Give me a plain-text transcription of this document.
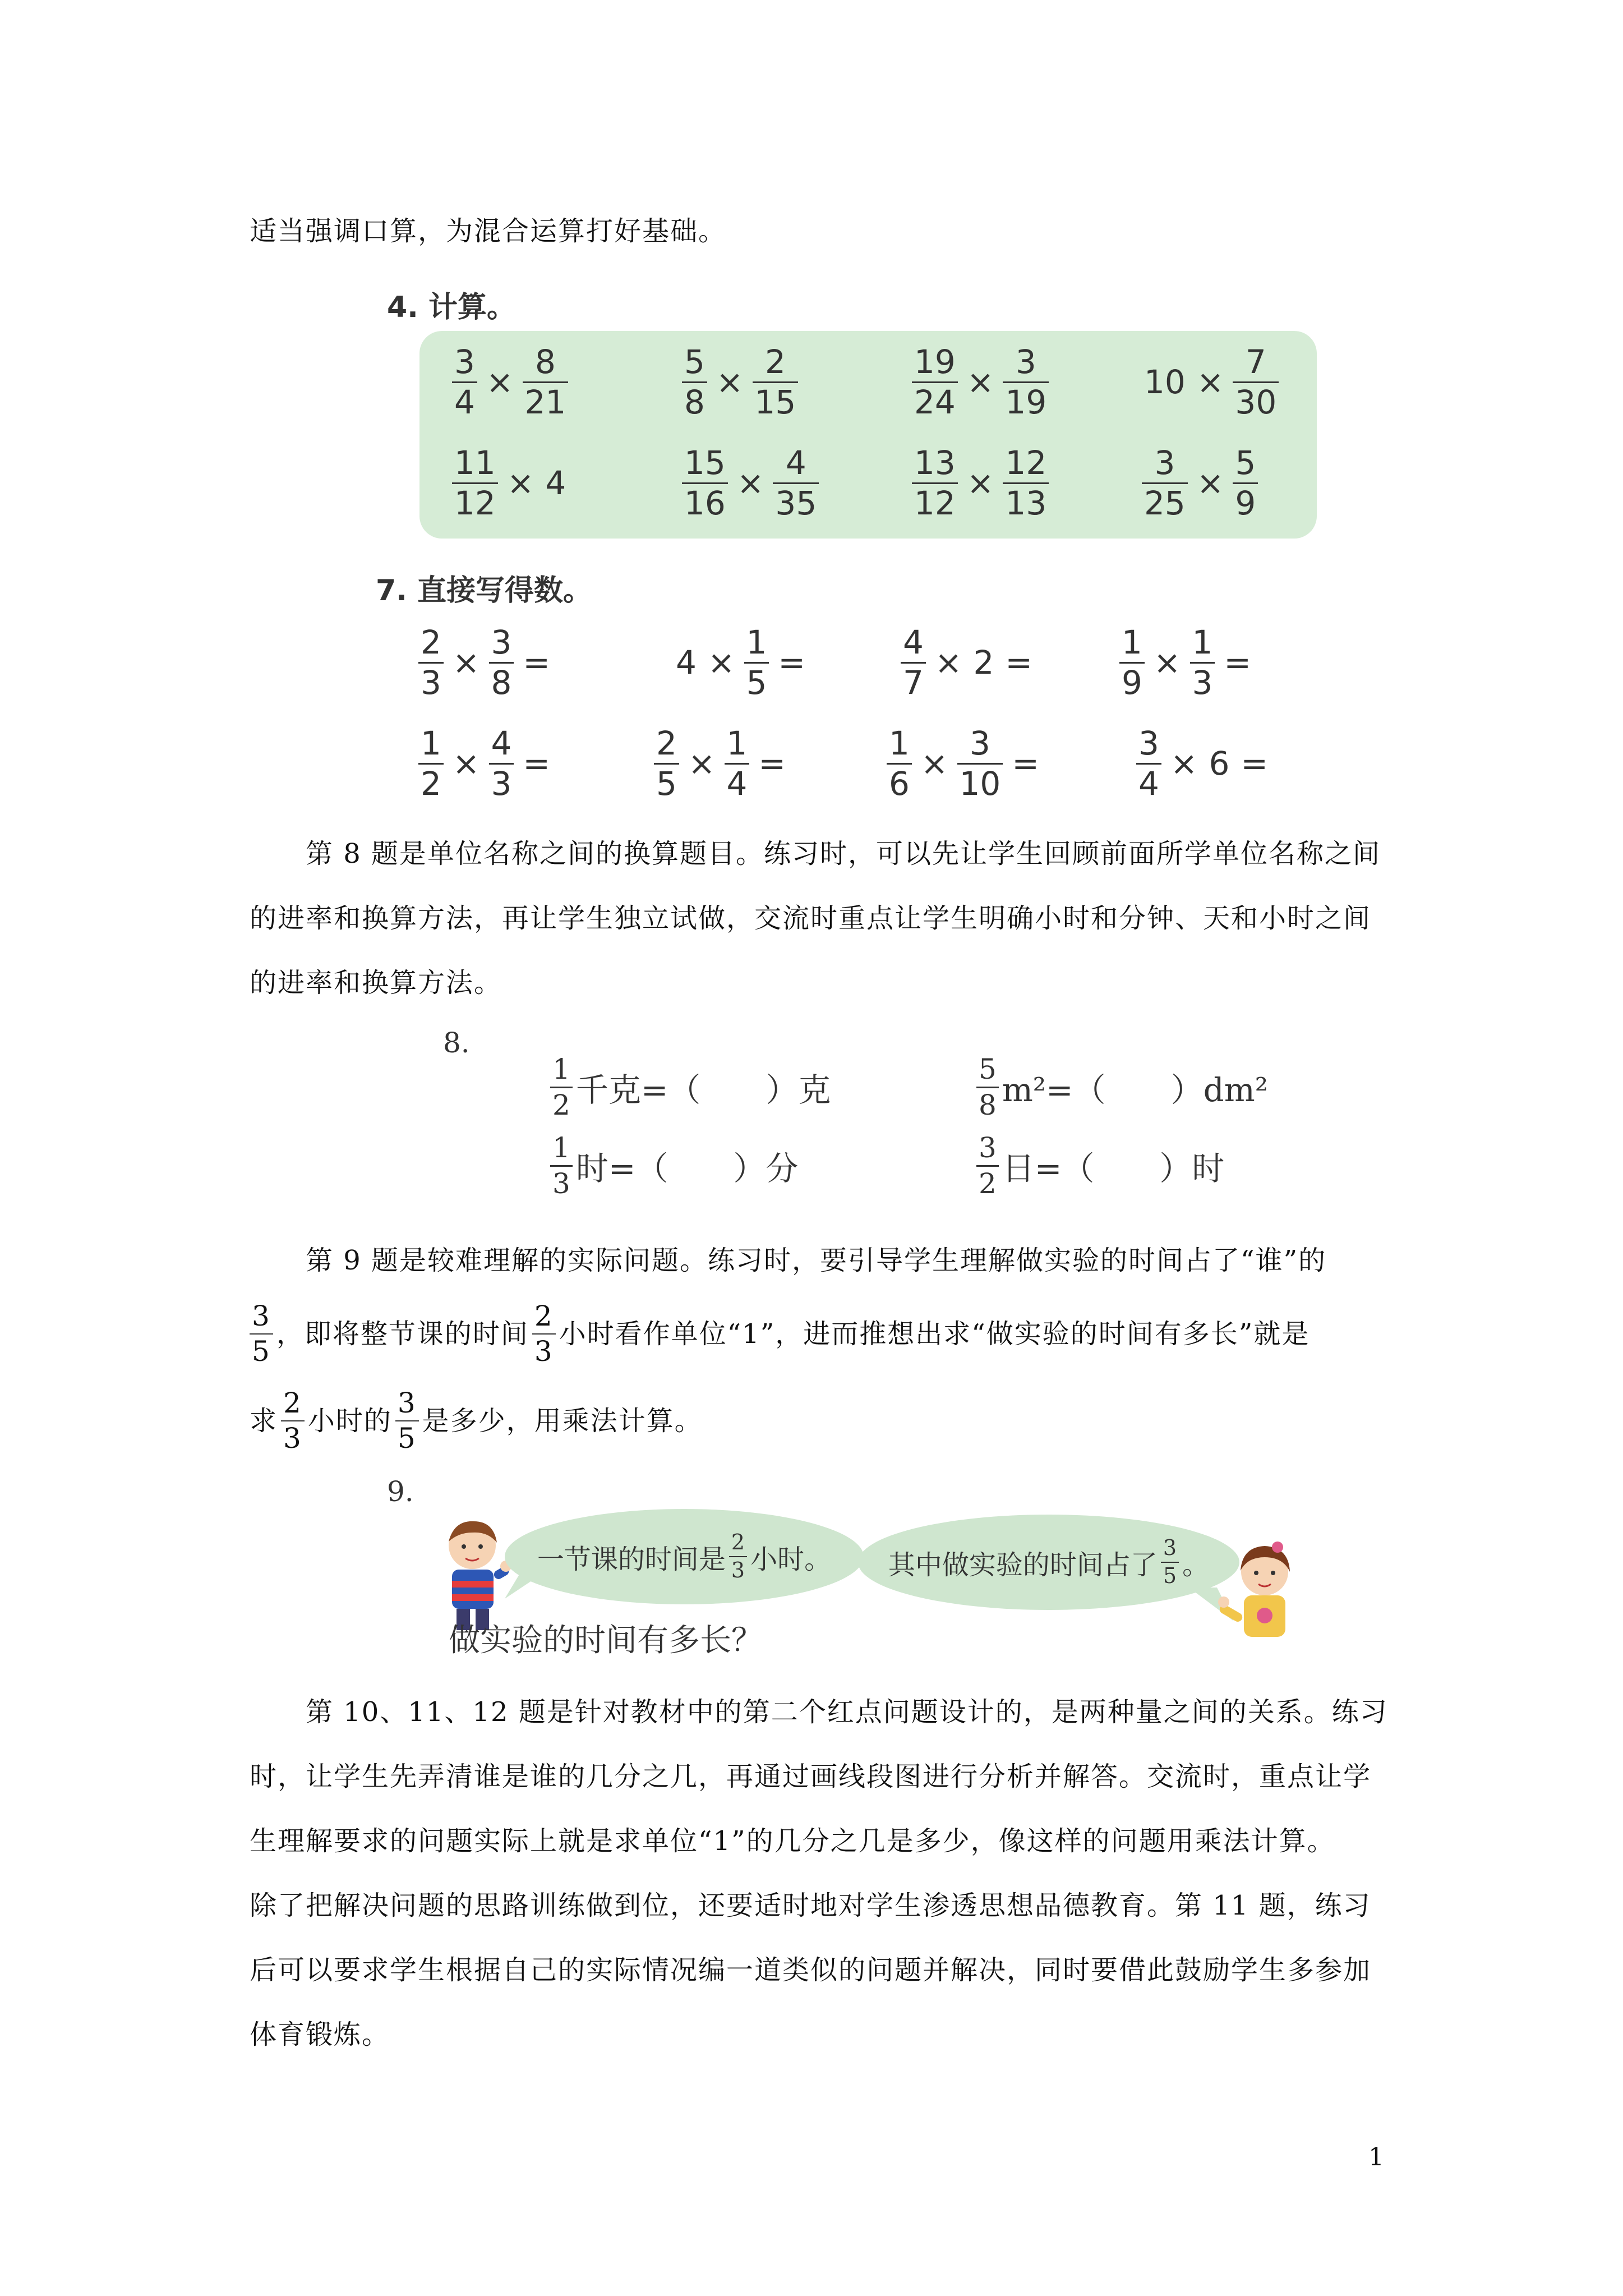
适当强调口算，为混合运算打好基础。
4. 计算。
$\frac{3}{4} \times \frac{8}{21}$	$\frac{5}{8} \times \frac{2}{15}$	$\frac{19}{24} \times \frac{3}{19}$	$10 \times \frac{7}{30}$
$\frac{11}{12} \times 4$	$\frac{15}{16} \times \frac{4}{35}$	$\frac{13}{12} \times \frac{12}{13}$	$\frac{3}{25} \times \frac{5}{9}$
7. 直接写得数。
$\frac{2}{3} \times \frac{3}{8}$ =	$4 \times \frac{1}{5}$ =	$\frac{4}{7} \times 2$ =	$\frac{1}{9} \times \frac{1}{3}$ =
$\frac{1}{2} \times \frac{4}{3}$ =	$\frac{2}{5} \times \frac{1}{4}$ =	$\frac{1}{6} \times \frac{3}{10}$ =	$\frac{3}{4} \times 6$ =
第 8 题是单位名称之间的换算题目。练习时，可以先让学生回顾前面所学单位名称之间
的进率和换算方法，再让学生独立试做，交流时重点让学生明确小时和分钟、天和小时之间
的进率和换算方法。
8.
$\frac{1}{2}$ 千克=（　　）克	$\frac{5}{8} m^2=$（　　）dm²
$\frac{1}{3}$ 时=（　　）分	$\frac{3}{2}$ 日=（　　）时
第 9 题是较难理解的实际问题。练习时，要引导学生理解做实验的时间占了“谁”的
$\frac{3}{5}$ ，即将整节课的时间 $\frac{2}{3}$ 小时看作单位“1”，进而推想出求“做实验的时间有多长”就是
求 $\frac{2}{3}$ 小时的 $\frac{3}{5}$ 是多少，用乘法计算。
9.
一节课的时间是 $\frac{2}{3}$ 小时。 其中做实验的时间占了 $\frac{3}{5}$ 。
做实验的时间有多长？
第 10、11、12 题是针对教材中的第二个红点问题设计的，是两种量之间的关系。练习
时，让学生先弄清谁是谁的几分之几，再通过画线段图进行分析并解答。交流时，重点让学
生理解要求的问题实际上就是求单位“1”的几分之几是多少，像这样的问题用乘法计算。
除了把解决问题的思路训练做到位，还要适时地对学生渗透思想品德教育。第 11 题，练习
后可以要求学生根据自己的实际情况编一道类似的问题并解决，同时要借此鼓励学生多参加
体育锻炼。
1
